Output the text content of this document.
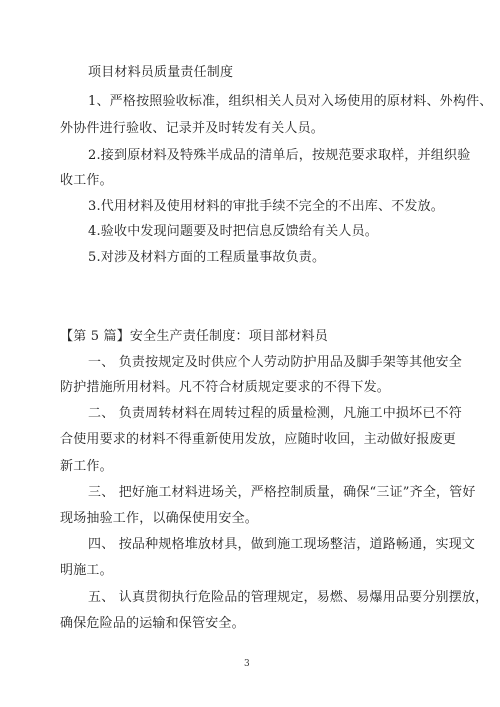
项目材料员质量责任制度
1、严格按照验收标准，组织相关人员对入场使用的原材料、外构件、
外协件进行验收、记录并及时转发有关人员。
2.接到原材料及特殊半成品的清单后，按规范要求取样，并组织验
收工作。
3.代用材料及使用材料的审批手续不完全的不出库、不发放。
4.验收中发现问题要及时把信息反馈给有关人员。
5.对涉及材料方面的工程质量事故负责。
【第 5 篇】安全生产责任制度：项目部材料员
一、 负责按规定及时供应个人劳动防护用品及脚手架等其他安全
防护措施所用材料。凡不符合材质规定要求的不得下发。
二、 负责周转材料在周转过程的质量检测，凡施工中损坏已不符
合使用要求的材料不得重新使用发放，应随时收回，主动做好报废更
新工作。
三、 把好施工材料进场关，严格控制质量，确保“三证”齐全，管好
现场抽验工作，以确保使用安全。
四、 按品种规格堆放材具，做到施工现场整洁，道路畅通，实现文
明施工。
五、 认真贯彻执行危险品的管理规定，易燃、易爆用品要分别摆放，
确保危险品的运输和保管安全。
3
